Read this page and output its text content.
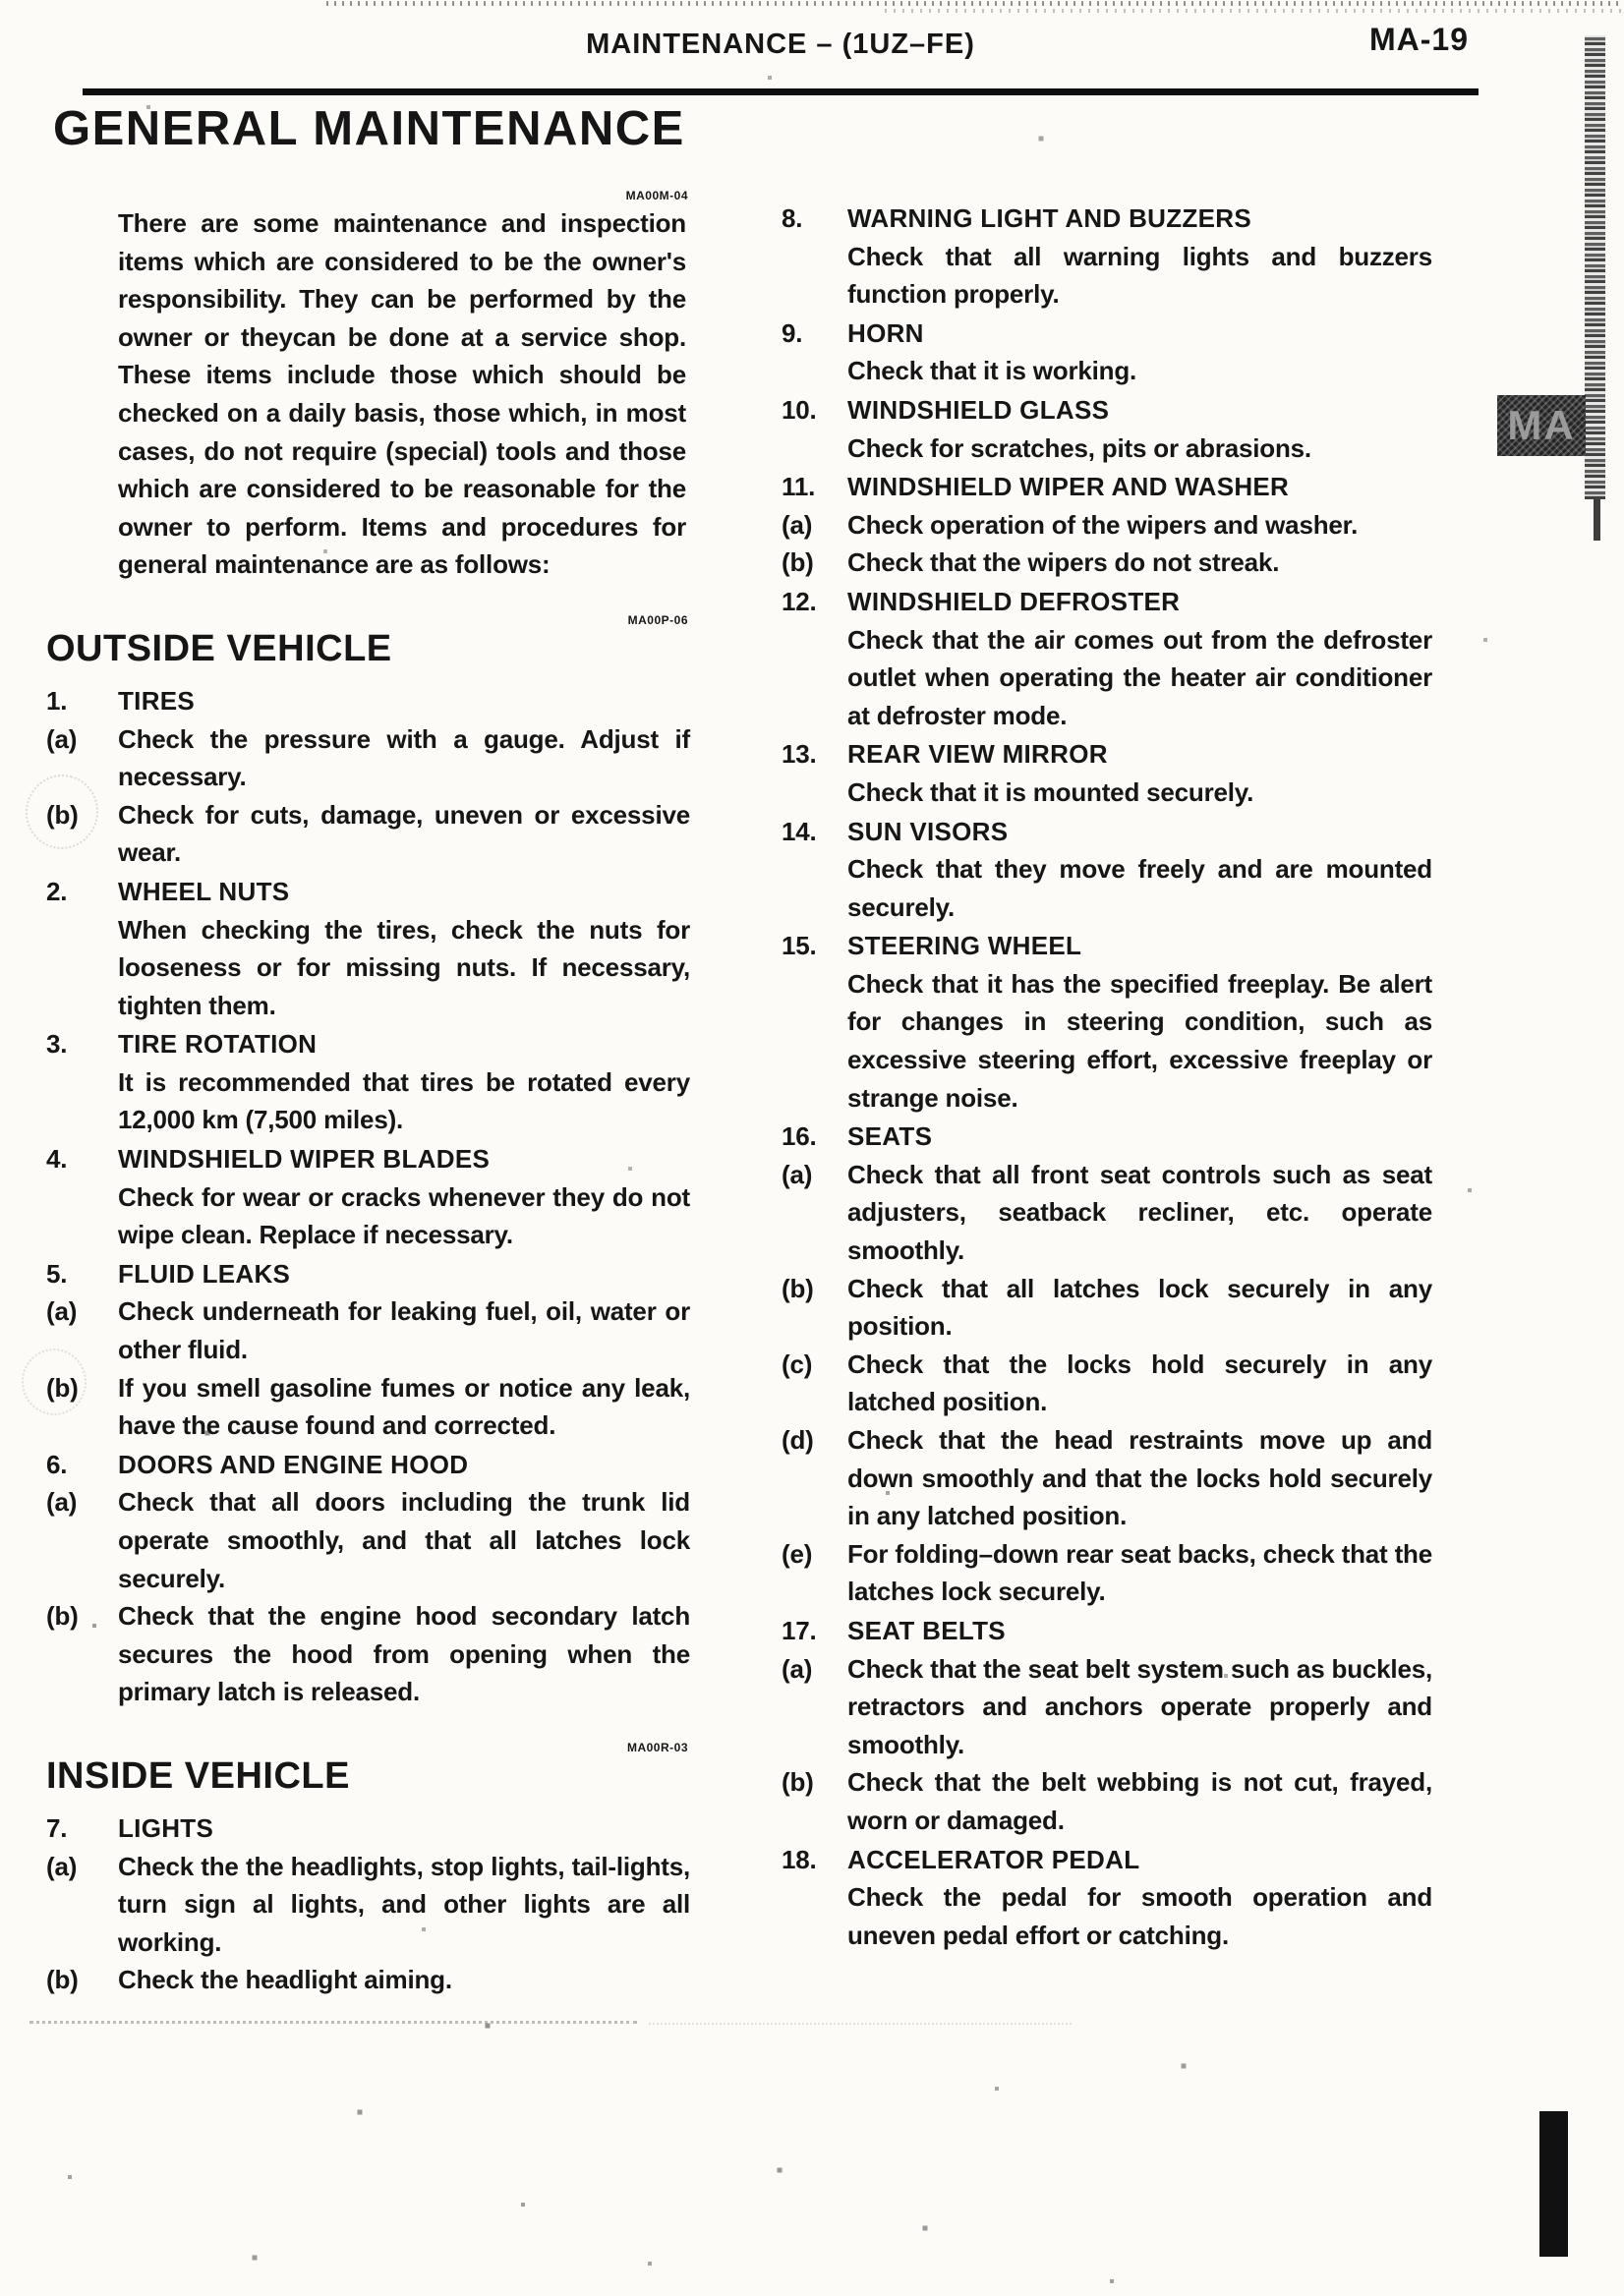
MAINTENANCE – (1UZ–FE)	MA-19
MA
GENERAL MAINTENANCE
MA00M-04

There are some maintenance and inspection items which are considered to be the owner's responsibility. They can be performed by the owner or theycan be done at a service shop. These items include those which should be checked on a daily basis, those which, in most cases, do not require (special) tools and those which are considered to be reasonable for the owner to perform. Items and procedures for general maintenance are as follows:

MA00P-06
OUTSIDE VEHICLE
1.	TIRES
(a)	Check the pressure with a gauge. Adjust if necessary.
(b)	Check for cuts, damage, uneven or excessive wear.
2.	WHEEL NUTS
When checking the tires, check the nuts for looseness or for missing nuts. If necessary, tighten them.
3.	TIRE ROTATION
It is recommended that tires be rotated every 12,000 km (7,500 miles).
4.	WINDSHIELD WIPER BLADES
Check for wear or cracks whenever they do not wipe clean. Replace if necessary.
5.	FLUID LEAKS
(a)	Check underneath for leaking fuel, oil, water or other fluid.
(b)	If you smell gasoline fumes or notice any leak, have the cause found and corrected.
6.	DOORS AND ENGINE HOOD
(a)	Check that all doors including the trunk lid operate smoothly, and that all latches lock securely.
(b)	Check that the engine hood secondary latch secures the hood from opening when the primary latch is released.
MA00R-03
INSIDE VEHICLE
7.	LIGHTS
(a)	Check the the headlights, stop lights, tail-lights, turn sign al lights, and other lights are all working.
(b)	Check the headlight aiming.
8.	WARNING LIGHT AND BUZZERS
Check that all warning lights and buzzers function properly.
9.	HORN
Check that it is working.
10.	WINDSHIELD GLASS
Check for scratches, pits or abrasions.
11.	WINDSHIELD WIPER AND WASHER
(a)	Check operation of the wipers and washer.
(b)	Check that the wipers do not streak.
12.	WINDSHIELD DEFROSTER
Check that the air comes out from the defroster outlet when operating the heater air conditioner at defroster mode.
13.	REAR VIEW MIRROR
Check that it is mounted securely.
14.	SUN VISORS
Check that they move freely and are mounted securely.
15.	STEERING WHEEL
Check that it has the specified freeplay. Be alert for changes in steering condition, such as excessive steering effort, excessive freeplay or strange noise.
16.	SEATS
(a)	Check that all front seat controls such as seat adjusters, seatback recliner, etc. operate smoothly.
(b)	Check that all latches lock securely in any position.
(c)	Check that the locks hold securely in any latched position.
(d)	Check that the head restraints move up and down smoothly and that the locks hold securely in any latched position.
(e)	For folding–down rear seat backs, check that the latches lock securely.
17.	SEAT BELTS
(a)	Check that the seat belt system such as buckles, retractors and anchors operate properly and smoothly.
(b)	Check that the belt webbing is not cut, frayed, worn or damaged.
18.	ACCELERATOR PEDAL
Check the pedal for smooth operation and uneven pedal effort or catching.
